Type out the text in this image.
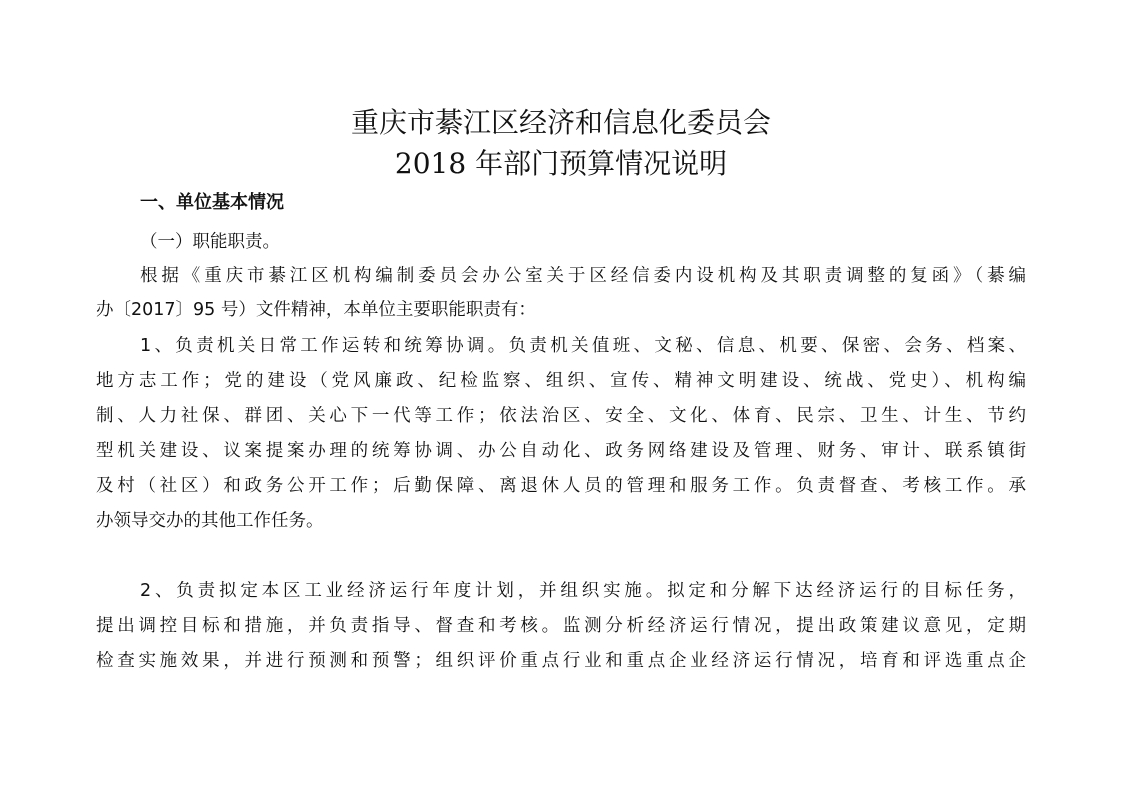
重庆市綦江区经济和信息化委员会
2018 年部门预算情况说明
一、单位基本情况
（一）职能职责。
根据《重庆市綦江区机构编制委员会办公室关于区经信委内设机构及其职责调整的复函》（綦编
办〔2017〕95 号）文件精神，本单位主要职能职责有：
1、负责机关日常工作运转和统筹协调。负责机关值班、文秘、信息、机要、保密、会务、档案、
地方志工作；党的建设（党风廉政、纪检监察、组织、宣传、精神文明建设、统战、党史）、机构编
制、人力社保、群团、关心下一代等工作；依法治区、安全、文化、体育、民宗、卫生、计生、节约
型机关建设、议案提案办理的统筹协调、办公自动化、政务网络建设及管理、财务、审计、联系镇街
及村（社区）和政务公开工作；后勤保障、离退休人员的管理和服务工作。负责督查、考核工作。承
办领导交办的其他工作任务。
2、负责拟定本区工业经济运行年度计划，并组织实施。拟定和分解下达经济运行的目标任务，
提出调控目标和措施，并负责指导、督查和考核。监测分析经济运行情况，提出政策建议意见，定期
检查实施效果，并进行预测和预警；组织评价重点行业和重点企业经济运行情况，培育和评选重点企
